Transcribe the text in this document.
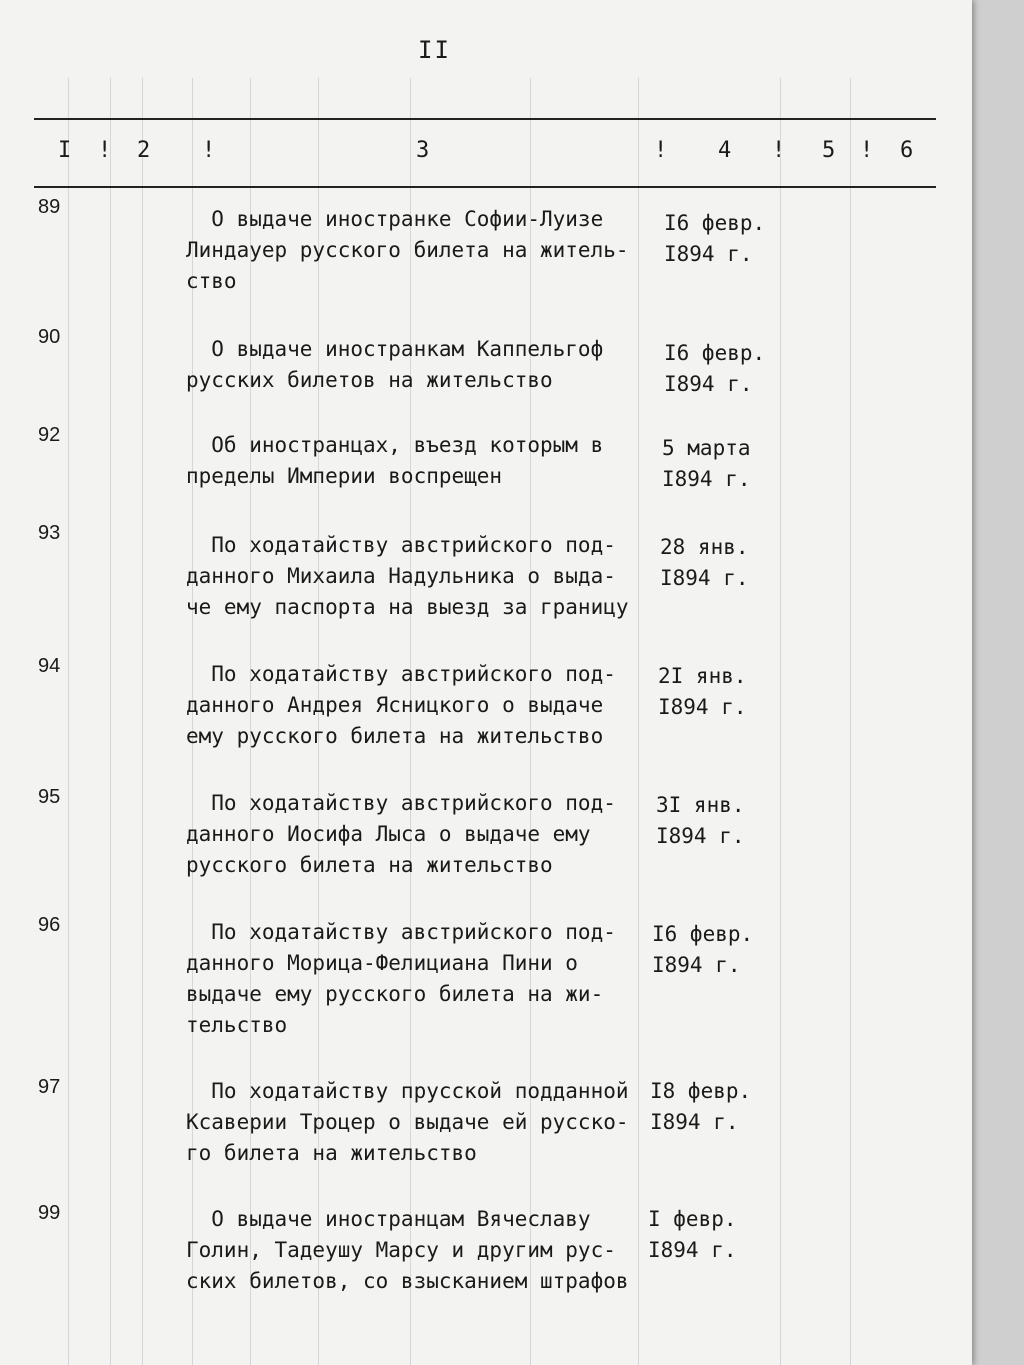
II
I ! 2 !	3	! 4 ! 5 ! 6
89	О выдаче иностранке Софии-Луизе
Линдауер русского билета на житель-
ство
I6 февр.
I894 г.
90	О выдаче иностранкам Каппельгоф
русских билетов на жительство
I6 февр.
I894 г.
92	Об иностранцах, въезд которым в
пределы Империи воспрещен
5 марта
I894 г.
93	По ходатайству австрийского под-
данного Михаила Надульника о выда-
че ему паспорта на выезд за границу
28 янв.
I894 г.
94	По ходатайству австрийского под-
данного Андрея Ясницкого о выдаче
ему русского билета на жительство
2I янв.
I894 г.
95	По ходатайству австрийского под-
данного Иосифа Лыса о выдаче ему
русского билета на жительство
3I янв.
I894 г.
96	По ходатайству австрийского под-
данного Морица-Фелициана Пини о
выдаче ему русского билета на жи-
тельство
I6 февр.
I894 г.
97	По ходатайству прусской подданной
Ксаверии Троцер о выдаче ей русско-
го билета на жительство
I8 февр.
I894 г.
99	О выдаче иностранцам Вячеславу
Голин, Тадеушу Марсу и другим рус-
ских билетов, со взысканием штрафов
I февр.
I894 г.
